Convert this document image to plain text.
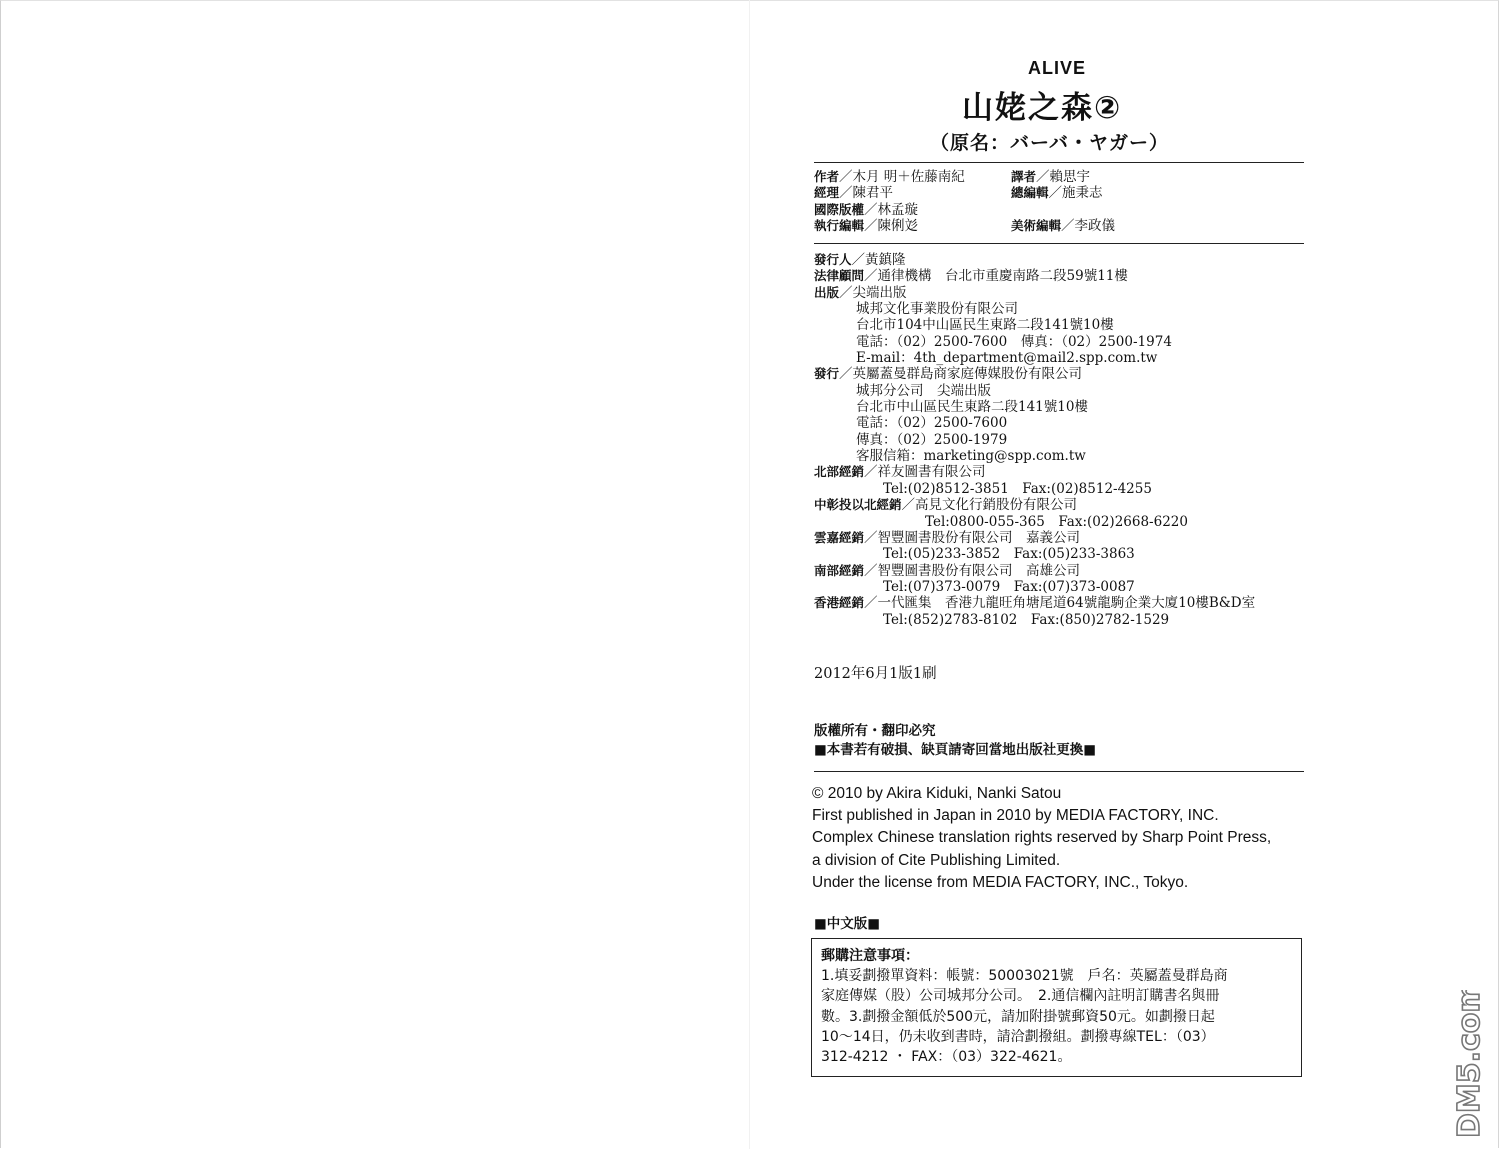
ALIVE
山姥之森②
（原名：バーバ・ヤガー）
作者／木月 明＋佐藤南紀	譯者／賴思宇
經理／陳君平	總編輯／施秉志
國際版權／林孟璇
執行編輯／陳俐彣	美術編輯／李政儀
發行人／黃鎮隆
法律顧問／通律機構　台北市重慶南路二段59號11樓
出版／尖端出版
城邦文化事業股份有限公司
台北市104中山區民生東路二段141號10樓
電話：（02）2500-7600　傳真：（02）2500-1974
E-mail：4th_department@mail2.spp.com.tw
發行／英屬蓋曼群島商家庭傳媒股份有限公司
城邦分公司　尖端出版
台北市中山區民生東路二段141號10樓
電話：（02）2500-7600
傳真：（02）2500-1979
客服信箱：marketing@spp.com.tw
北部經銷／祥友圖書有限公司
Tel:(02)8512-3851　Fax:(02)8512-4255
中彰投以北經銷／高見文化行銷股份有限公司
Tel:0800-055-365　Fax:(02)2668-6220
雲嘉經銷／智豐圖書股份有限公司　嘉義公司
Tel:(05)233-3852　Fax:(05)233-3863
南部經銷／智豐圖書股份有限公司　高雄公司
Tel:(07)373-0079　Fax:(07)373-0087
香港經銷／一代匯集　香港九龍旺角塘尾道64號龍駒企業大廈10樓B&D室
Tel:(852)2783-8102　Fax:(850)2782-1529
2012年6月1版1刷
版權所有・翻印必究
■本書若有破損、缺頁請寄回當地出版社更換■
© 2010 by Akira Kiduki, Nanki Satou
First published in Japan in 2010 by MEDIA FACTORY, INC.
Complex Chinese translation rights reserved by Sharp Point Press,
a division of Cite Publishing Limited.
Under the license from MEDIA FACTORY, INC., Tokyo.
■中文版■
郵購注意事項：
1.填妥劃撥單資料：帳號：50003021號　戶名：英屬蓋曼群島商
家庭傳媒（股）公司城邦分公司。　2.通信欄內註明訂購書名與冊
數。3.劃撥金額低於500元，請加附掛號郵資50元。如劃撥日起
10～14日，仍未收到書時，請洽劃撥組。劃撥專線TEL：（03）
312-4212 ・ FAX：（03）322-4621。	DM5.com
